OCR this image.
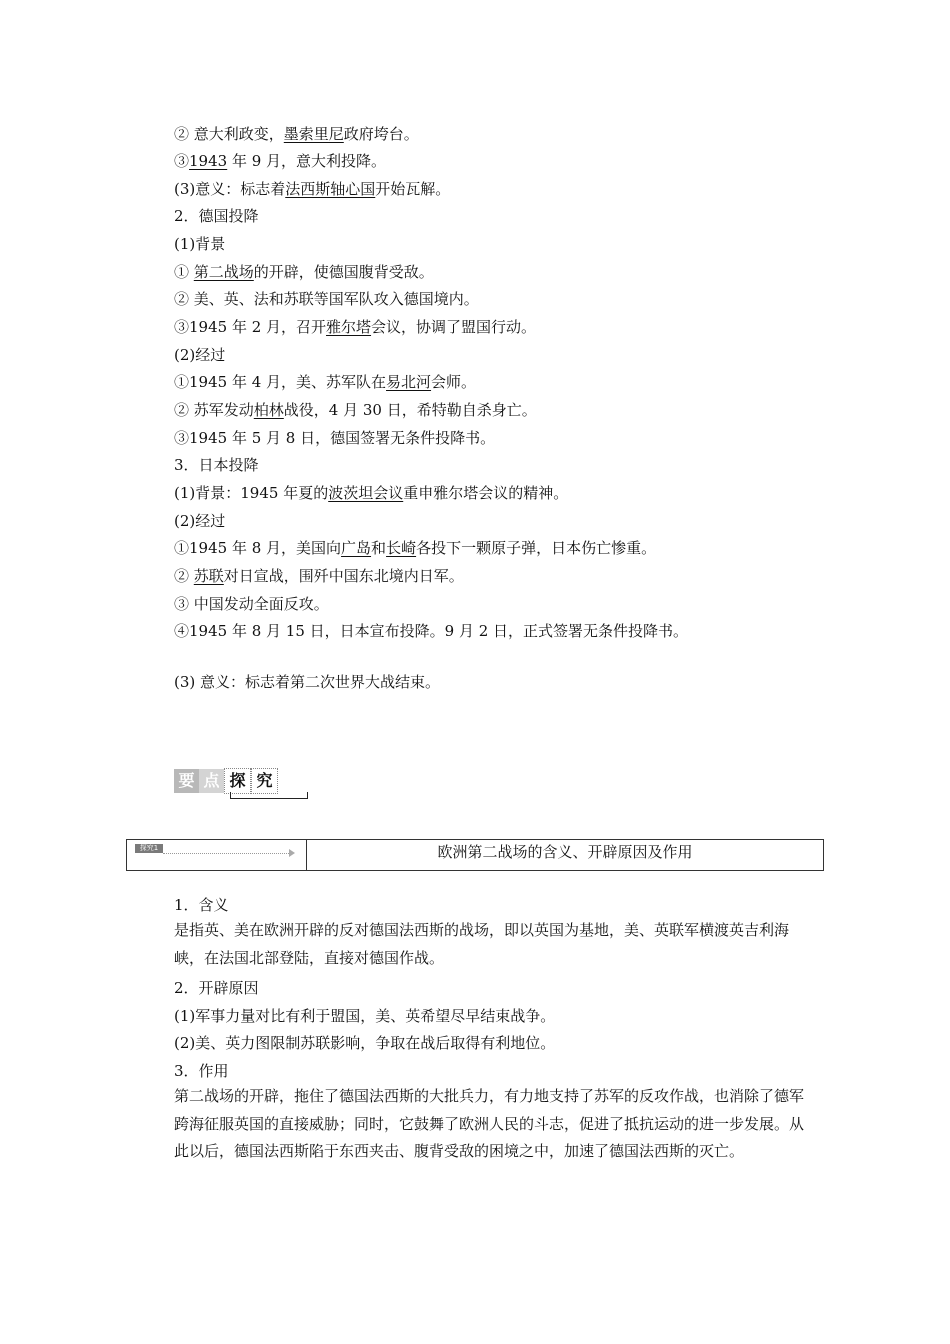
② 意大利政变，墨索里尼政府垮台。
③1943 年 9 月，意大利投降。
(3)意义：标志着法西斯轴心国开始瓦解。
2．德国投降
(1)背景
① 第二战场的开辟，使德国腹背受敌。
② 美、英、法和苏联等国军队攻入德国境内。
③1945 年 2 月，召开雅尔塔会议，协调了盟国行动。
(2)经过
①1945 年 4 月，美、苏军队在易北河会师。
② 苏军发动柏林战役，4 月 30 日，希特勒自杀身亡。
③1945 年 5 月 8 日，德国签署无条件投降书。
3．日本投降
(1)背景：1945 年夏的波茨坦会议重申雅尔塔会议的精神。
(2)经过
①1945 年 8 月，美国向广岛和长崎各投下一颗原子弹，日本伤亡惨重。
② 苏联对日宣战，围歼中国东北境内日军。
③ 中国发动全面反攻。
④1945 年 8 月 15 日，日本宣布投降。9 月 2 日，正式签署无条件投降书。
(3) 意义：标志着第二次世界大战结束。
要 点 探 究
探究1	欧洲第二战场的含义、开辟原因及作用
1．含义
是指英、美在欧洲开辟的反对德国法西斯的战场，即以英国为基地，美、英联军横渡英吉利海峡，在法国北部登陆，直接对德国作战。
2．开辟原因
(1)军事力量对比有利于盟国，美、英希望尽早结束战争。
(2)美、英力图限制苏联影响，争取在战后取得有利地位。
3．作用
第二战场的开辟，拖住了德国法西斯的大批兵力，有力地支持了苏军的反攻作战，也消除了德军跨海征服英国的直接威胁；同时，它鼓舞了欧洲人民的斗志，促进了抵抗运动的进一步发展。从此以后，德国法西斯陷于东西夹击、腹背受敌的困境之中，加速了德国法西斯的灭亡。
